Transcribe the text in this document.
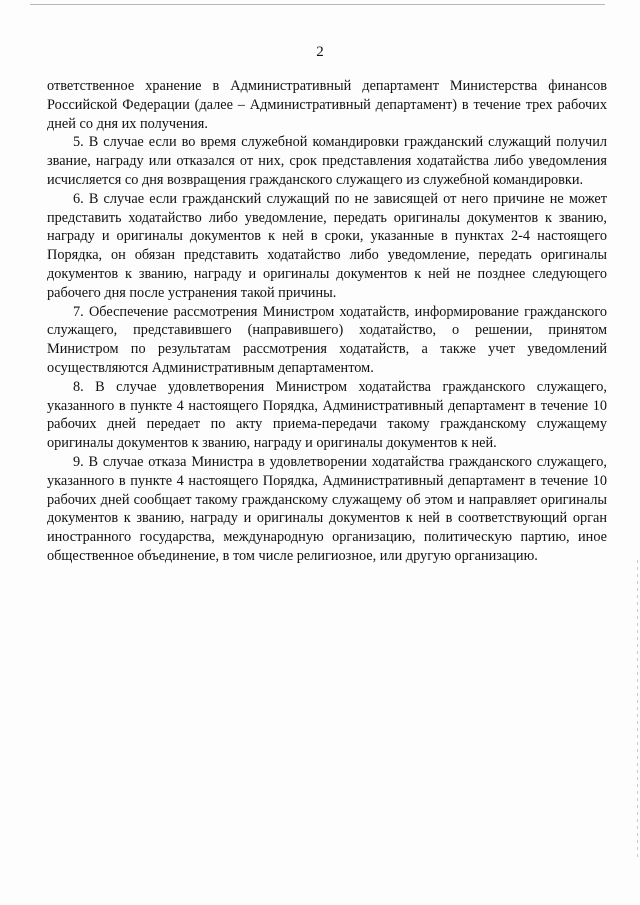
2

ответственное хранение в Административный департамент Министерства финансов Российской Федерации (далее – Административный департамент) в течение трех рабочих дней со дня их получения.

5. В случае если во время служебной командировки гражданский служащий получил звание, награду или отказался от них, срок представления ходатайства либо уведомления исчисляется со дня возвращения гражданского служащего из служебной командировки.

6. В случае если гражданский служащий по не зависящей от него причине не может представить ходатайство либо уведомление, передать оригиналы документов к званию, награду и оригиналы документов к ней в сроки, указанные в пунктах 2-4 настоящего Порядка, он обязан представить ходатайство либо уведомление, передать оригиналы документов к званию, награду и оригиналы документов к ней не позднее следующего рабочего дня после устранения такой причины.

7. Обеспечение рассмотрения Министром ходатайств, информирование гражданского служащего, представившего (направившего) ходатайство, о решении, принятом Министром по результатам рассмотрения ходатайств, а также учет уведомлений осуществляются Административным департаментом.

8. В случае удовлетворения Министром ходатайства гражданского служащего, указанного в пункте 4 настоящего Порядка, Административный департамент в течение 10 рабочих дней передает по акту приема-передачи такому гражданскому служащему оригиналы документов к званию, награду и оригиналы документов к ней.

9. В случае отказа Министра в удовлетворении ходатайства гражданского служащего, указанного в пункте 4 настоящего Порядка, Административный департамент в течение 10 рабочих дней сообщает такому гражданскому служащему об этом и направляет оригиналы документов к званию, награду и оригиналы документов к ней в соответствующий орган иностранного государства, международную организацию, политическую партию, иное общественное объединение, в том числе религиозное, или другую организацию.
